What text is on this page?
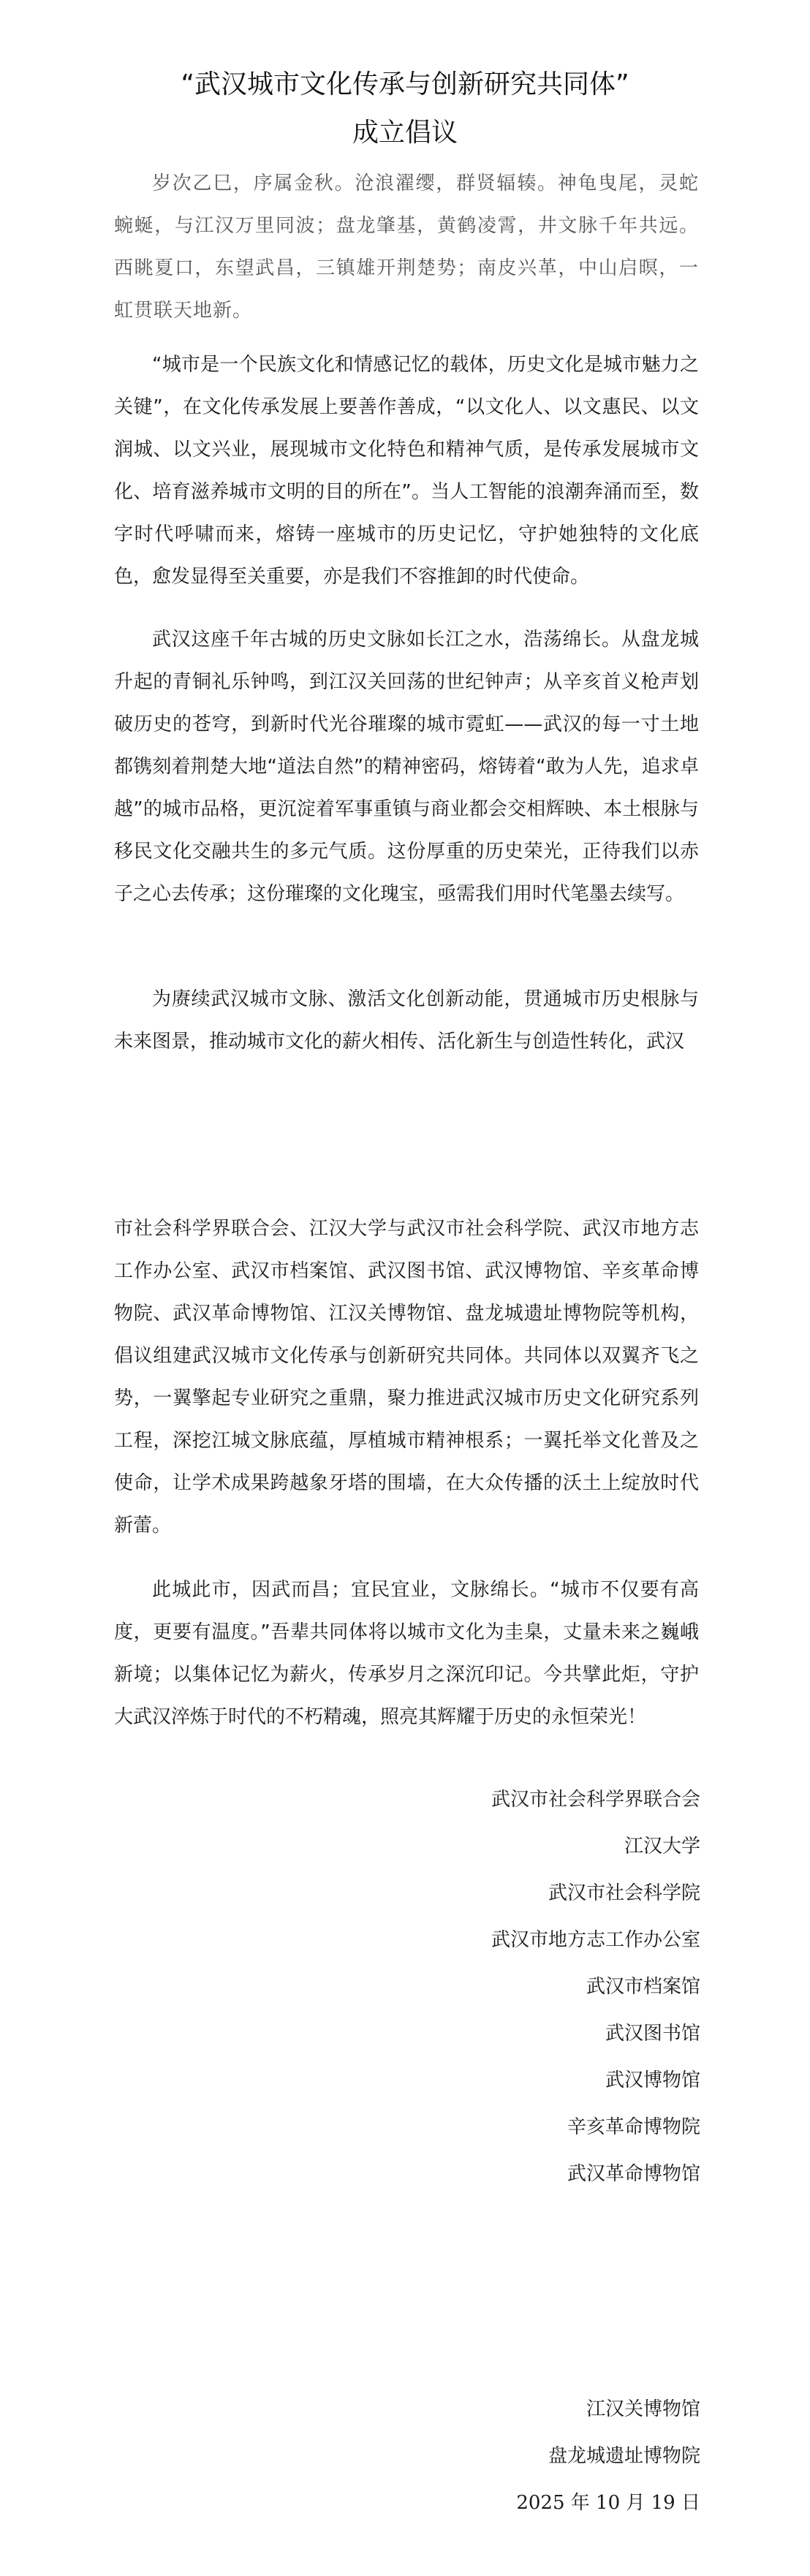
“武汉城市文化传承与创新研究共同体”
成立倡议

岁次乙巳，序属金秋。沧浪濯缨，群贤辐辏。神龟曳尾，灵蛇蜿蜒，与江汉万里同波；盘龙肇基，黄鹤凌霄，井文脉千年共远。西眺夏口，东望武昌，三镇雄开荆楚势；南皮兴革，中山启暝，一虹贯联天地新。

“城市是一个民族文化和情感记忆的载体，历史文化是城市魅力之关键”，在文化传承发展上要善作善成，“以文化人、以文惠民、以文润城、以文兴业，展现城市文化特色和精神气质，是传承发展城市文化、培育滋养城市文明的目的所在”。当人工智能的浪潮奔涌而至，数字时代呼啸而来，熔铸一座城市的历史记忆，守护她独特的文化底色，愈发显得至关重要，亦是我们不容推卸的时代使命。

武汉这座千年古城的历史文脉如长江之水，浩荡绵长。从盘龙城升起的青铜礼乐钟鸣，到江汉关回荡的世纪钟声；从辛亥首义枪声划破历史的苍穹，到新时代光谷璀璨的城市霓虹——武汉的每一寸土地都镌刻着荆楚大地“道法自然”的精神密码，熔铸着“敢为人先，追求卓越”的城市品格，更沉淀着军事重镇与商业都会交相辉映、本土根脉与移民文化交融共生的多元气质。这份厚重的历史荣光，正待我们以赤子之心去传承；这份璀璨的文化瑰宝，亟需我们用时代笔墨去续写。

为赓续武汉城市文脉、激活文化创新动能，贯通城市历史根脉与未来图景，推动城市文化的薪火相传、活化新生与创造性转化，武汉

市社会科学界联合会、江汉大学与武汉市社会科学院、武汉市地方志工作办公室、武汉市档案馆、武汉图书馆、武汉博物馆、辛亥革命博物院、武汉革命博物馆、江汉关博物馆、盘龙城遗址博物院等机构，倡议组建武汉城市文化传承与创新研究共同体。共同体以双翼齐飞之势，一翼擎起专业研究之重鼎，聚力推进武汉城市历史文化研究系列工程，深挖江城文脉底蕴，厚植城市精神根系；一翼托举文化普及之使命，让学术成果跨越象牙塔的围墙，在大众传播的沃土上绽放时代新蕾。

此城此市，因武而昌；宜民宜业，文脉绵长。“城市不仅要有高度，更要有温度。”吾辈共同体将以城市文化为圭臬，丈量未来之巍峨新境；以集体记忆为薪火，传承岁月之深沉印记。今共擘此炬，守护大武汉淬炼于时代的不朽精魂，照亮其辉耀于历史的永恒荣光！

武汉市社会科学界联合会
江汉大学
武汉市社会科学院
武汉市地方志工作办公室
武汉市档案馆
武汉图书馆
武汉博物馆
辛亥革命博物院
武汉革命博物馆
江汉关博物馆
盘龙城遗址博物院
2025 年 10 月 19 日
